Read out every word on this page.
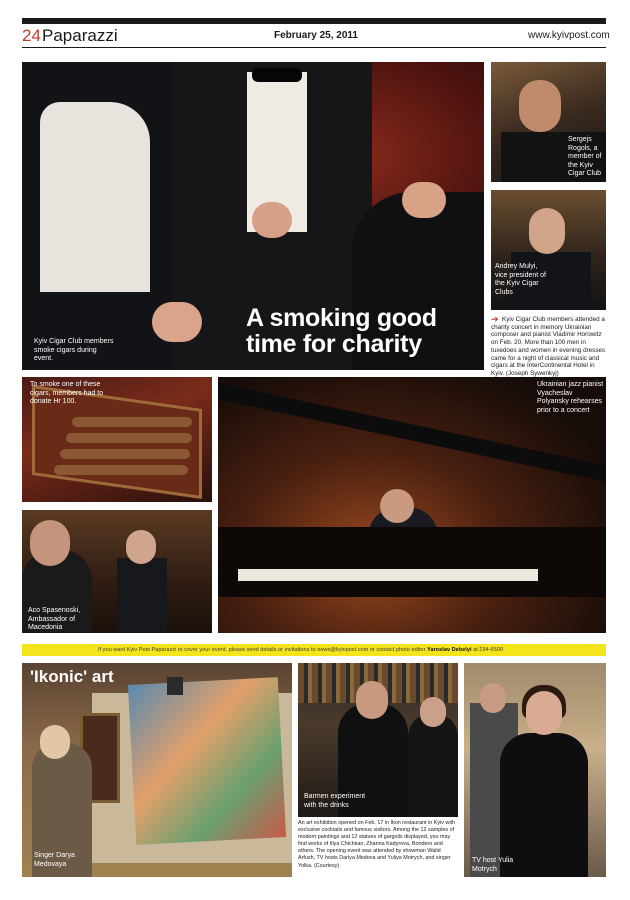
24 Paparazzi	February 25, 2011	www.kyivpost.com
Kyiv Cigar Club members smoke cigars during event.
A smoking good
time for charity
Sergejs Rogols, a member of the Kyiv Cigar Club
Andrey Mulyi, vice president of the Kyiv Cigar Clubs
➔ Kyiv Cigar Club members attended a charity concert in memory Ukrainian composer and pianist Vladimir Horowitz on Feb. 20. More than 100 men in tuxedoes and women in evening dresses came for a night of classical music and cigars at the InterContinental Hotel in Kyiv. (Joseph Sywenkyj)
To smoke one of these cigars, members had to donate Hr 100.
Ukrainian jazz pianist Vyacheslav Polyansky rehearses prior to a concert
Aco Spasenoski, Ambassador of Macedonia
If you want Kyiv Post Paparazzi to cover your event, please send details or invitations to news@kyivpost.com or contact photo editor Yaroslav Debelyi at 234-6500
'Ikonic' art
Singer Darya Medovaya
Barmen experiment with the drinks
An art exhibition opened on Feb. 17 in Ikon restaurant in Kyiv with exclusive cocktails and famous visitors. Among the 12 samples of modern paintings and 12 statues of gargoils displayed, you may find works of Illya Chichkan, Zhanna Kadyrova, Bondero and others. The opening event was attended by showman Walid Arfush, TV hosts Dariya Medova and Yuliya Motrych, and singer Yolka. (Courtesy)
TV host Yulia Motrych
